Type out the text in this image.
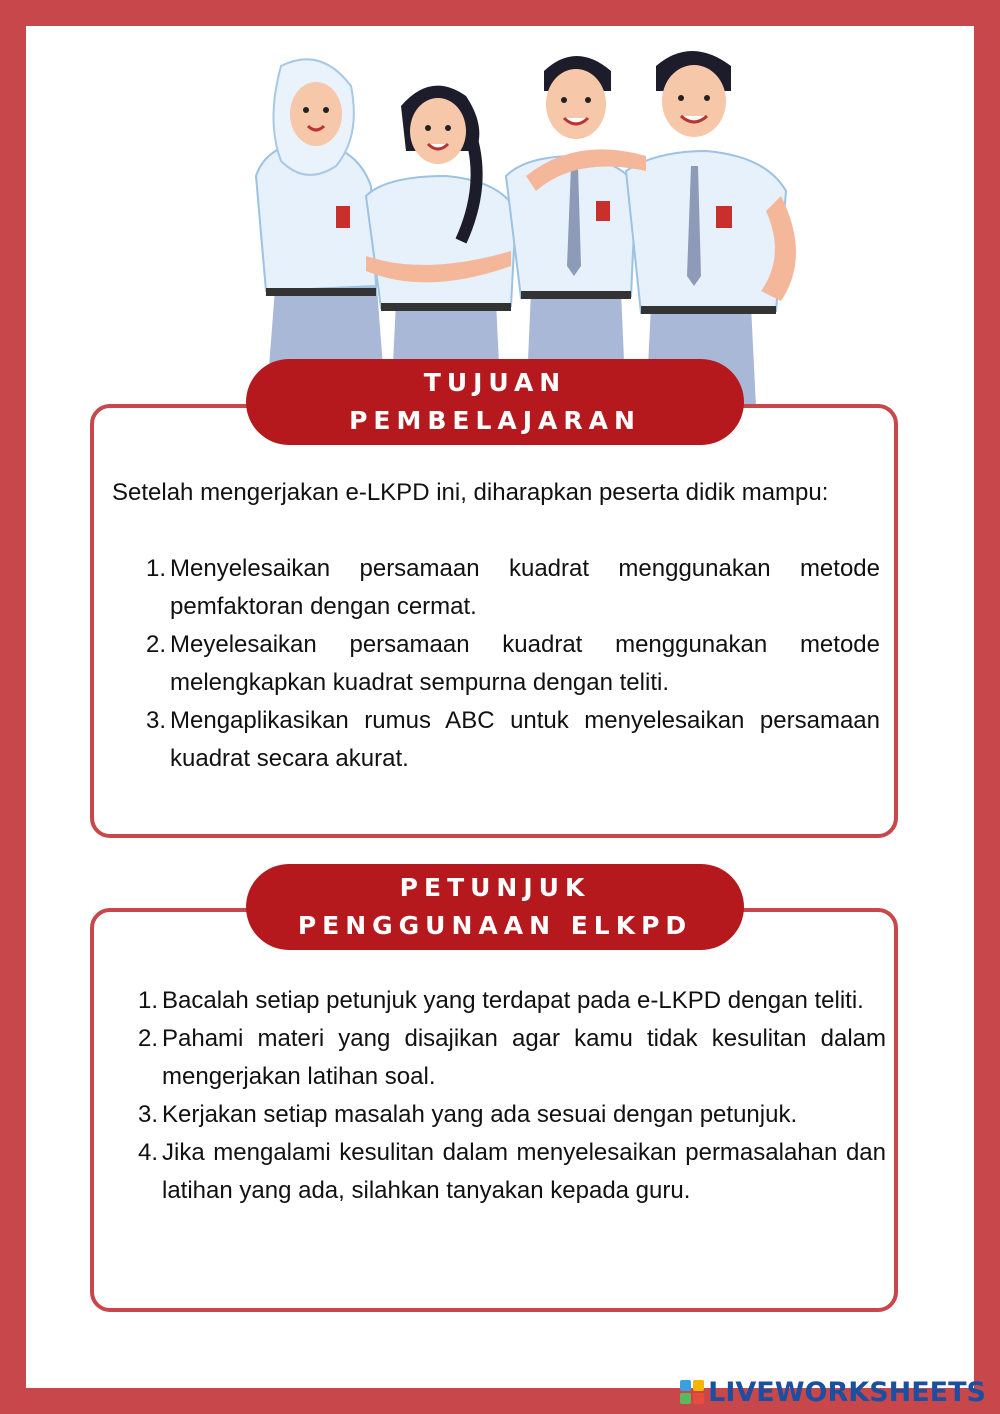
TUJUAN
PEMBELAJARAN
Setelah mengerjakan e-LKPD ini, diharapkan peserta didik mampu:
1. Menyelesaikan persamaan kuadrat menggunakan metode pemfaktoran dengan cermat.
2. Meyelesaikan persamaan kuadrat menggunakan metode melengkapkan kuadrat sempurna dengan teliti.
3. Mengaplikasikan rumus ABC untuk menyelesaikan persamaan kuadrat secara akurat.
PETUNJUK
PENGGUNAAN ELKPD
1. Bacalah setiap petunjuk yang terdapat pada e-LKPD dengan teliti.
2. Pahami materi yang disajikan agar kamu tidak kesulitan dalam mengerjakan latihan soal.
3. Kerjakan setiap masalah yang ada sesuai dengan petunjuk.
4. Jika mengalami kesulitan dalam menyelesaikan permasalahan dan latihan yang ada, silahkan tanyakan kepada guru.
LIVEWORKSHEETS
